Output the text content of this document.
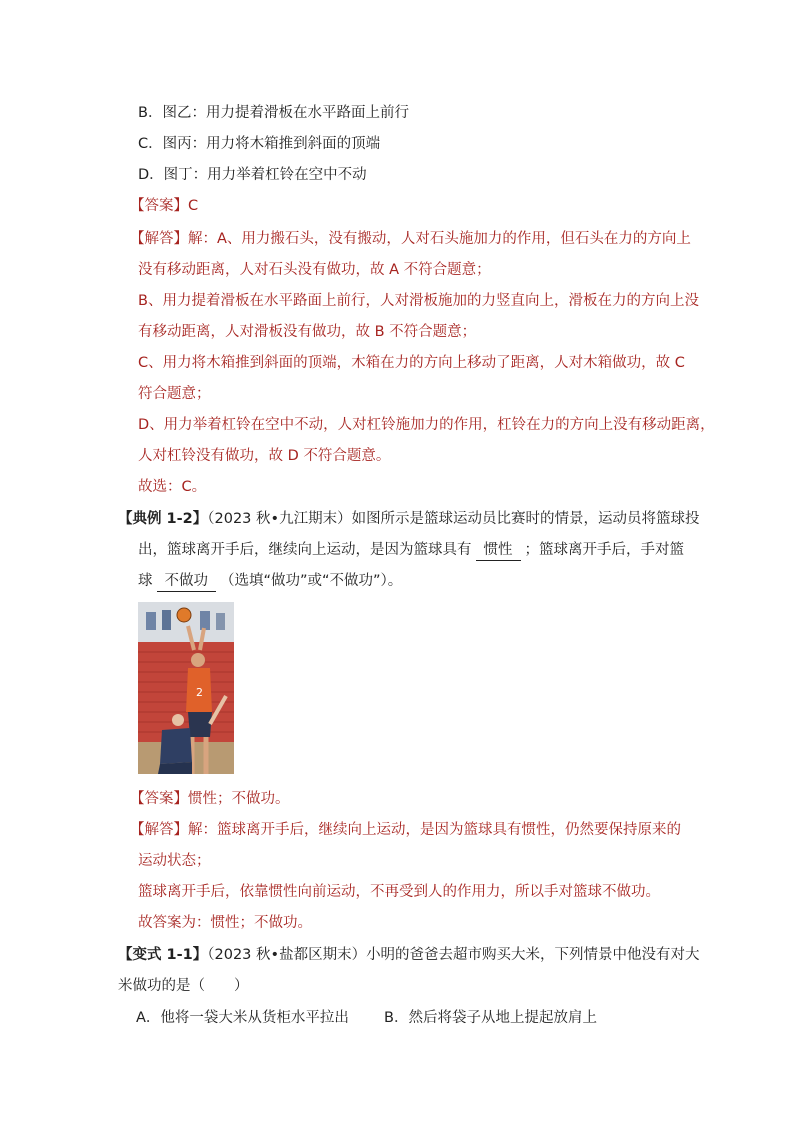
B．图乙：用力提着滑板在水平路面上前行
C．图丙：用力将木箱推到斜面的顶端
D．图丁：用力举着杠铃在空中不动
【答案】C
【解答】解：A、用力搬石头，没有搬动，人对石头施加力的作用，但石头在力的方向上
没有移动距离，人对石头没有做功，故 A 不符合题意；
B、用力提着滑板在水平路面上前行，人对滑板施加的力竖直向上，滑板在力的方向上没
有移动距离，人对滑板没有做功，故 B 不符合题意；
C、用力将木箱推到斜面的顶端，木箱在力的方向上移动了距离，人对木箱做功，故 C
符合题意；
D、用力举着杠铃在空中不动，人对杠铃施加力的作用，杠铃在力的方向上没有移动距离，
人对杠铃没有做功，故 D 不符合题意。
故选：C。
【典例 1-2】（2023 秋•九江期末）如图所示是篮球运动员比赛时的情景，运动员将篮球投
出，篮球离开手后，继续向上运动，是因为篮球具有 惯性 ；篮球离开手后，手对篮
球 不做功 （选填“做功”或“不做功”）。
2
【答案】惯性；不做功。
【解答】解：篮球离开手后，继续向上运动，是因为篮球具有惯性，仍然要保持原来的
运动状态；
篮球离开手后，依靠惯性向前运动，不再受到人的作用力，所以手对篮球不做功。
故答案为：惯性；不做功。
【变式 1-1】（2023 秋•盐都区期末）小明的爸爸去超市购买大米，下列情景中他没有对大
米做功的是（　　）
A．他将一袋大米从货柜水平拉出 B．然后将袋子从地上提起放肩上
